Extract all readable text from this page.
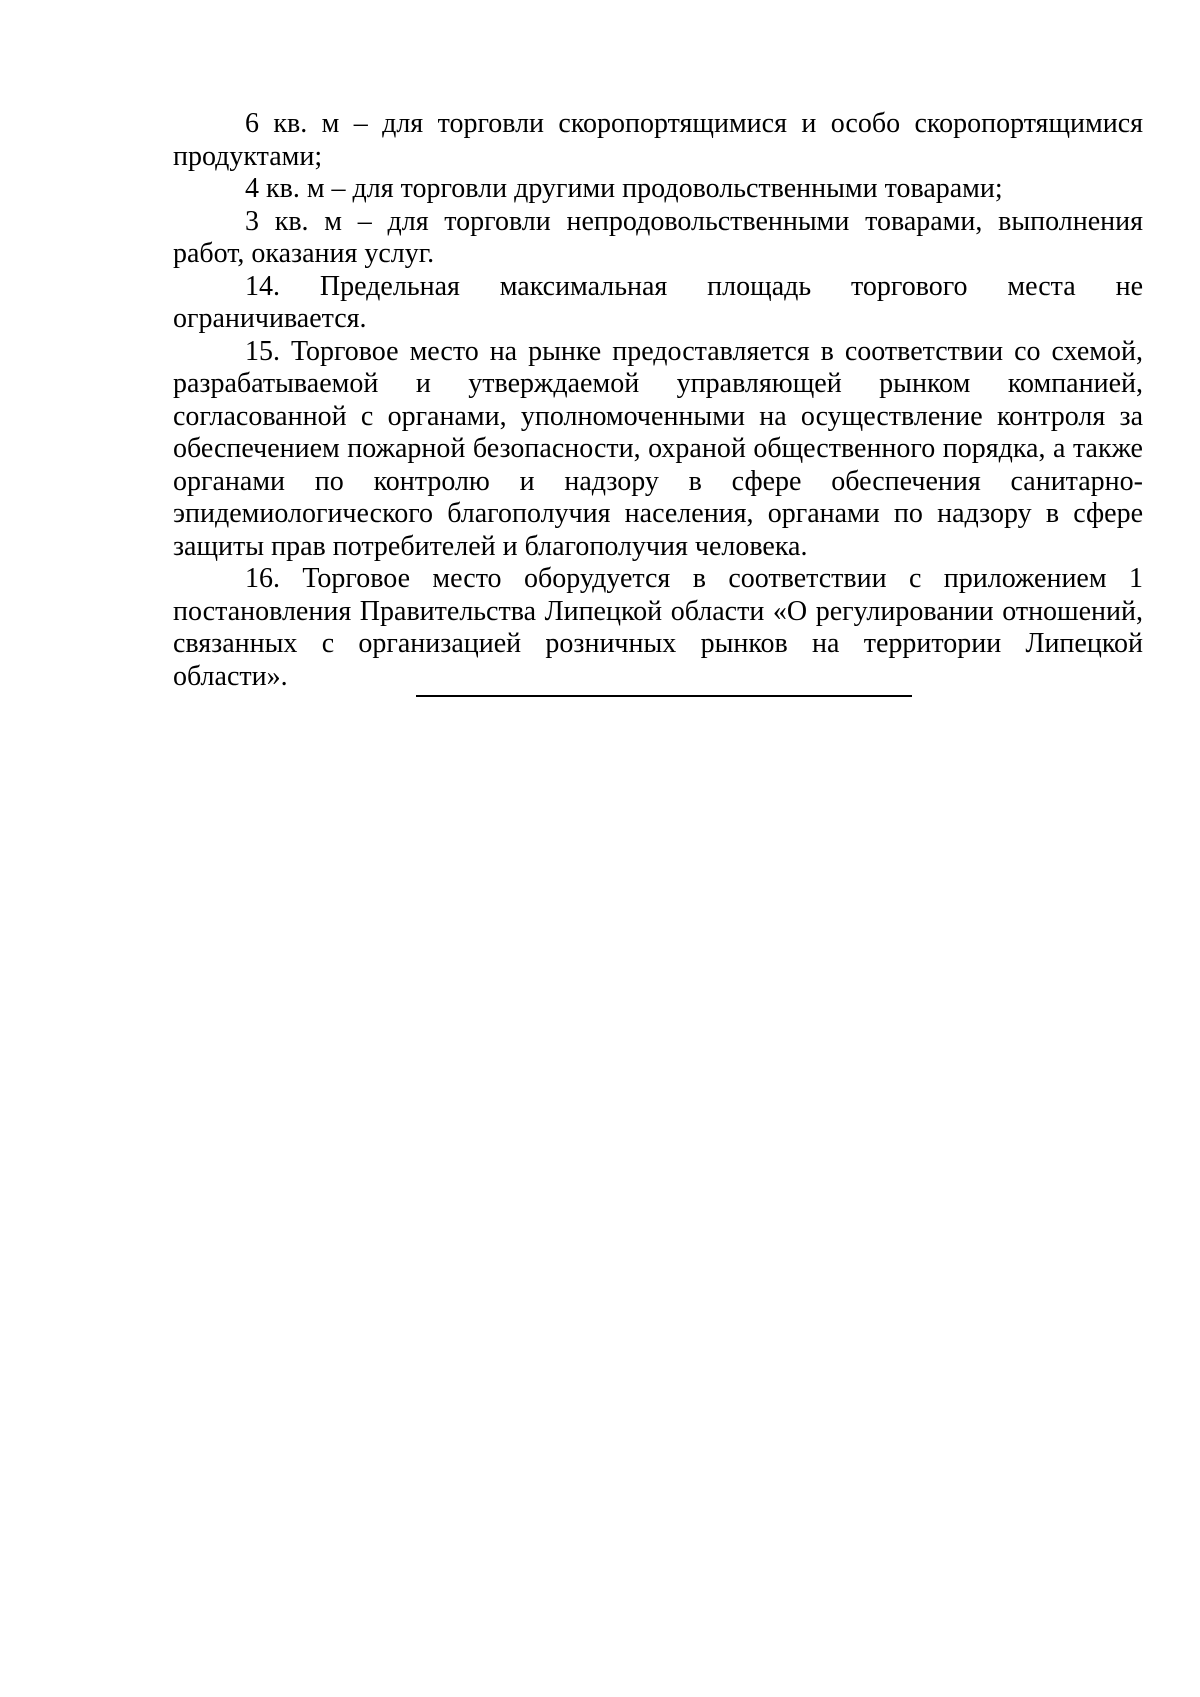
6 кв. м – для торговли скоропортящимися и особо скоропортящимися продуктами;

4 кв. м – для торговли другими продовольственными товарами;

3 кв. м – для торговли непродовольственными товарами, выполнения работ, оказания услуг.

14. Предельная максимальная площадь торгового места не ограничивается.

15. Торговое место на рынке предоставляется в соответствии со схемой, разрабатываемой и утверждаемой управляющей рынком компанией, согласованной с органами, уполномоченными на осуществление контроля за обеспечением пожарной безопасности, охраной общественного порядка, а также органами по контролю и надзору в сфере обеспечения санитарно-эпидемиологического благополучия населения, органами по надзору в сфере защиты прав потребителей и благополучия человека.

16. Торговое место оборудуется в соответствии с приложением 1 постановления Правительства Липецкой области «О регулировании отношений, связанных с организацией розничных рынков на территории Липецкой области».
